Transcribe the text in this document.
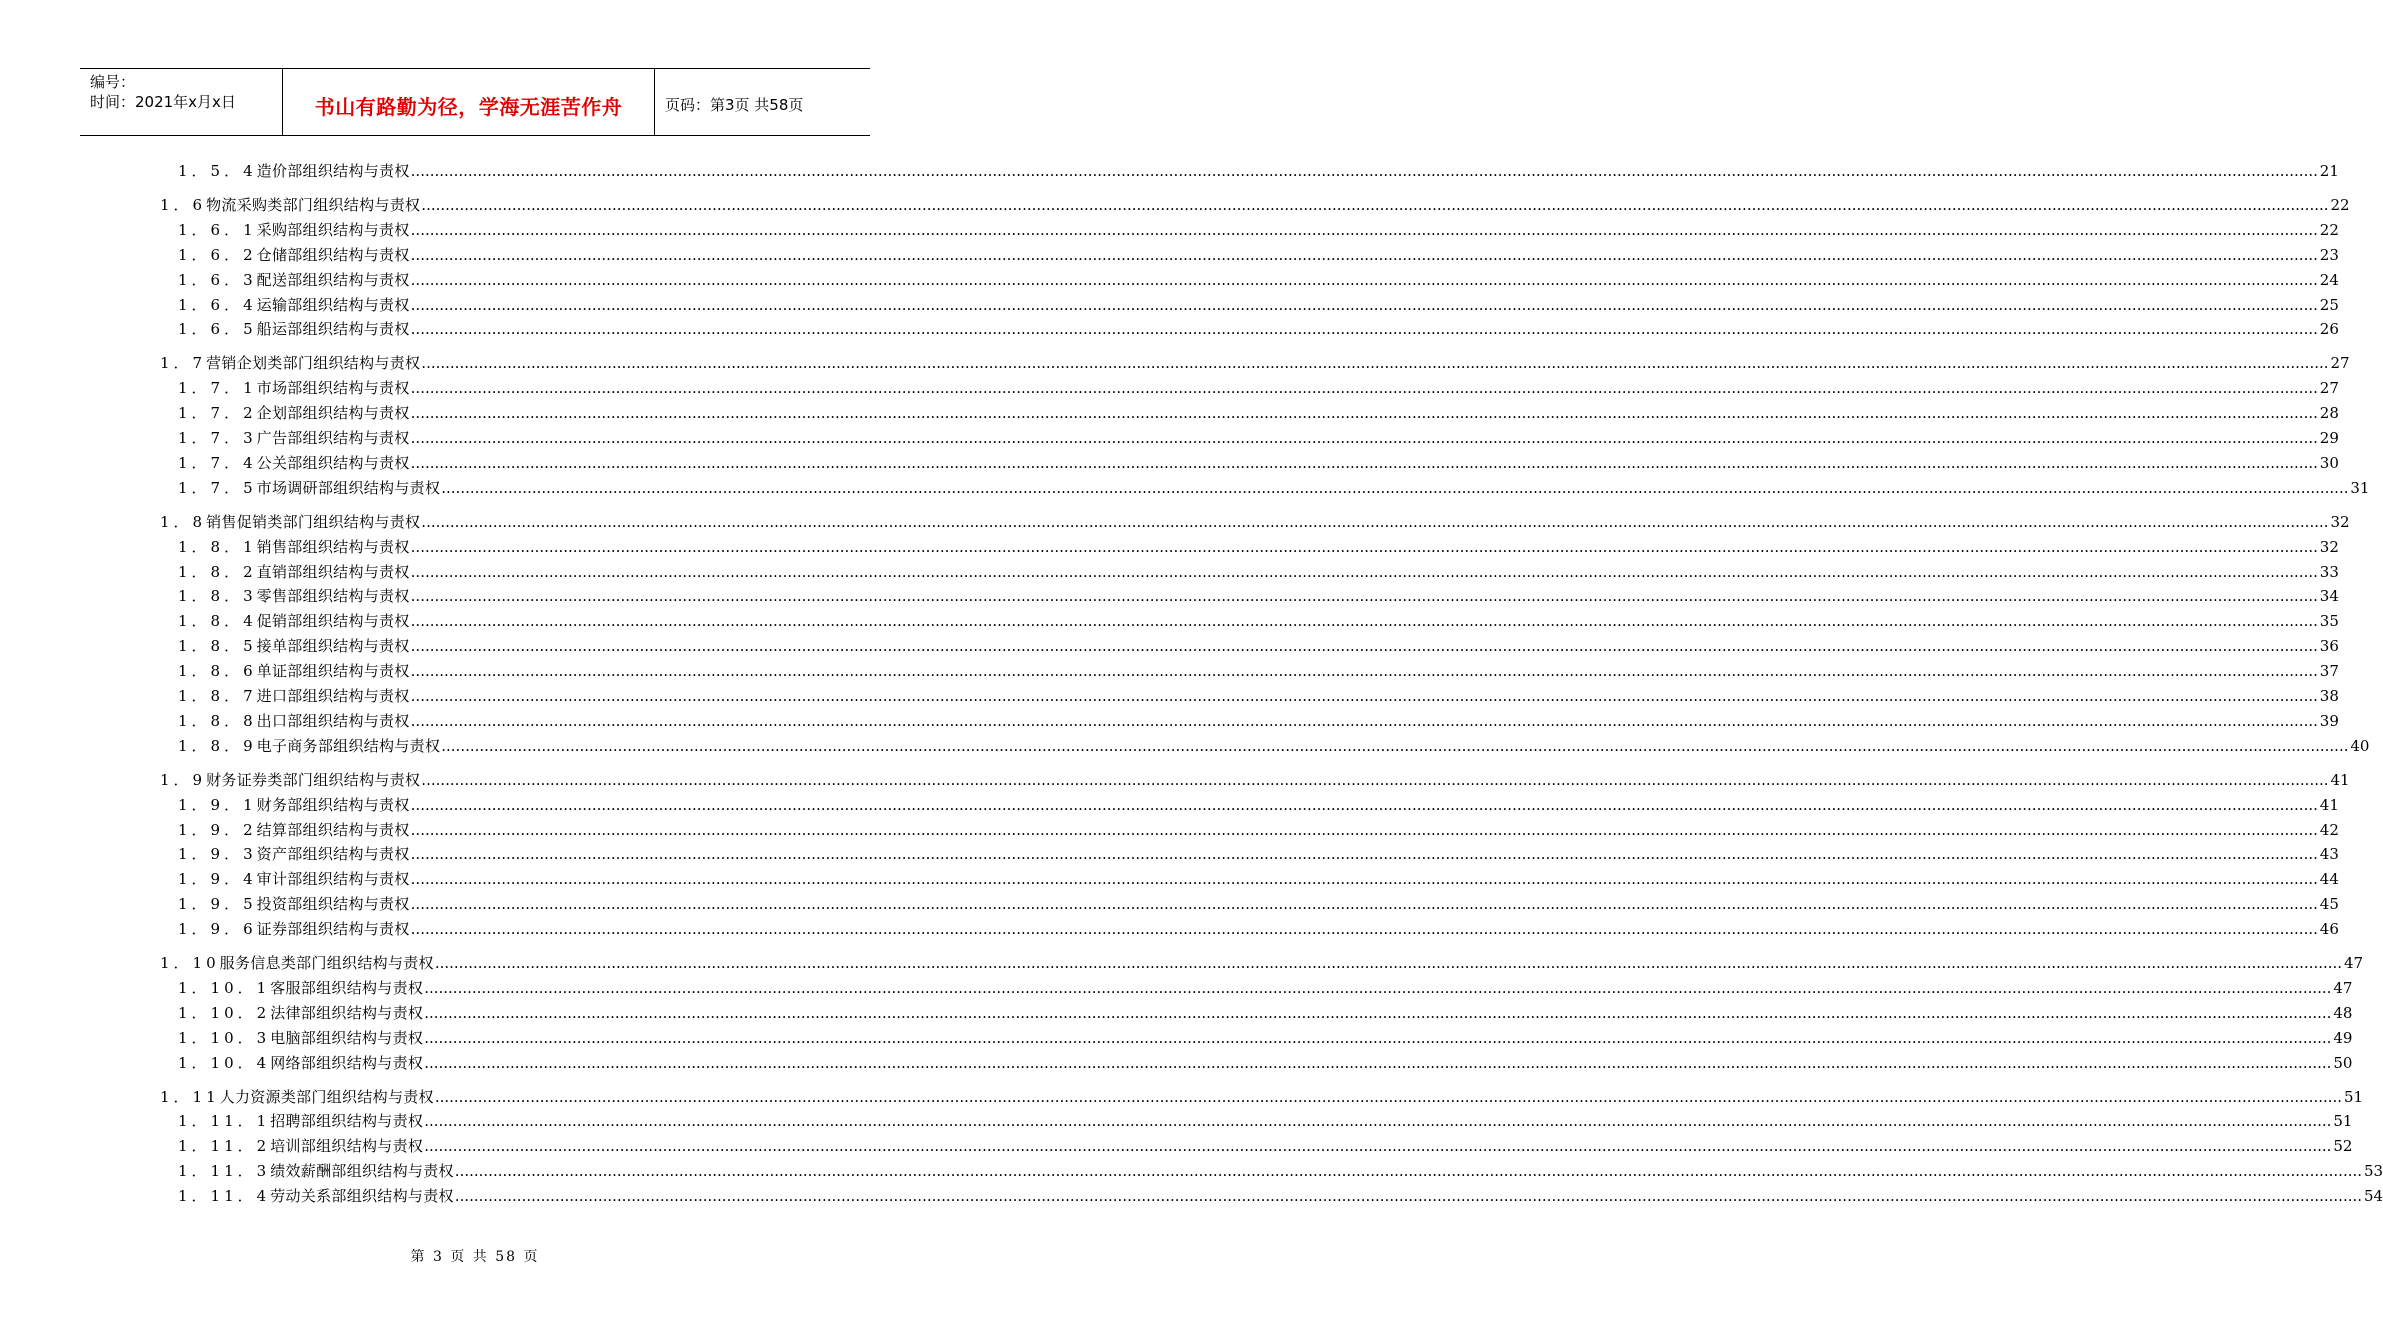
编号：
时间：2021年x月x日	书山有路勤为径，学海无涯苦作舟	页码：第3页 共58页
1．5．4 造价部组织结构与责权 ................................................................................................................................................................................................................................................................................................................................................................................................................ 21
1．6 物流采购类部门组织结构与责权 ................................................................................................................................................................................................................................................................................................................................................................................................................ 22
1．6．1 采购部组织结构与责权 ................................................................................................................................................................................................................................................................................................................................................................................................................ 22
1．6．2 仓储部组织结构与责权 ................................................................................................................................................................................................................................................................................................................................................................................................................ 23
1．6．3 配送部组织结构与责权 ................................................................................................................................................................................................................................................................................................................................................................................................................ 24
1．6．4 运输部组织结构与责权 ................................................................................................................................................................................................................................................................................................................................................................................................................ 25
1．6．5 船运部组织结构与责权 ................................................................................................................................................................................................................................................................................................................................................................................................................ 26
1．7 营销企划类部门组织结构与责权 ................................................................................................................................................................................................................................................................................................................................................................................................................ 27
1．7．1 市场部组织结构与责权 ................................................................................................................................................................................................................................................................................................................................................................................................................ 27
1．7．2 企划部组织结构与责权 ................................................................................................................................................................................................................................................................................................................................................................................................................ 28
1．7．3 广告部组织结构与责权 ................................................................................................................................................................................................................................................................................................................................................................................................................ 29
1．7．4 公关部组织结构与责权 ................................................................................................................................................................................................................................................................................................................................................................................................................ 30
1．7．5 市场调研部组织结构与责权 ................................................................................................................................................................................................................................................................................................................................................................................................................ 31
1．8 销售促销类部门组织结构与责权 ................................................................................................................................................................................................................................................................................................................................................................................................................ 32
1．8．1 销售部组织结构与责权 ................................................................................................................................................................................................................................................................................................................................................................................................................ 32
1．8．2 直销部组织结构与责权 ................................................................................................................................................................................................................................................................................................................................................................................................................ 33
1．8．3 零售部组织结构与责权 ................................................................................................................................................................................................................................................................................................................................................................................................................ 34
1．8．4 促销部组织结构与责权 ................................................................................................................................................................................................................................................................................................................................................................................................................ 35
1．8．5 接单部组织结构与责权 ................................................................................................................................................................................................................................................................................................................................................................................................................ 36
1．8．6 单证部组织结构与责权 ................................................................................................................................................................................................................................................................................................................................................................................................................ 37
1．8．7 进口部组织结构与责权 ................................................................................................................................................................................................................................................................................................................................................................................................................ 38
1．8．8 出口部组织结构与责权 ................................................................................................................................................................................................................................................................................................................................................................................................................ 39
1．8．9 电子商务部组织结构与责权 ................................................................................................................................................................................................................................................................................................................................................................................................................ 40
1．9 财务证券类部门组织结构与责权 ................................................................................................................................................................................................................................................................................................................................................................................................................ 41
1．9．1 财务部组织结构与责权 ................................................................................................................................................................................................................................................................................................................................................................................................................ 41
1．9．2 结算部组织结构与责权 ................................................................................................................................................................................................................................................................................................................................................................................................................ 42
1．9．3 资产部组织结构与责权 ................................................................................................................................................................................................................................................................................................................................................................................................................ 43
1．9．4 审计部组织结构与责权 ................................................................................................................................................................................................................................................................................................................................................................................................................ 44
1．9．5 投资部组织结构与责权 ................................................................................................................................................................................................................................................................................................................................................................................................................ 45
1．9．6 证券部组织结构与责权 ................................................................................................................................................................................................................................................................................................................................................................................................................ 46
1．10 服务信息类部门组织结构与责权 ................................................................................................................................................................................................................................................................................................................................................................................................................ 47
1．10．1 客服部组织结构与责权 ................................................................................................................................................................................................................................................................................................................................................................................................................ 47
1．10．2 法律部组织结构与责权 ................................................................................................................................................................................................................................................................................................................................................................................................................ 48
1．10．3 电脑部组织结构与责权 ................................................................................................................................................................................................................................................................................................................................................................................................................ 49
1．10．4 网络部组织结构与责权 ................................................................................................................................................................................................................................................................................................................................................................................................................ 50
1．11 人力资源类部门组织结构与责权 ................................................................................................................................................................................................................................................................................................................................................................................................................ 51
1．11．1 招聘部组织结构与责权 ................................................................................................................................................................................................................................................................................................................................................................................................................ 51
1．11．2 培训部组织结构与责权 ................................................................................................................................................................................................................................................................................................................................................................................................................ 52
1．11．3 绩效薪酬部组织结构与责权 ................................................................................................................................................................................................................................................................................................................................................................................................................ 53
1．11．4 劳动关系部组织结构与责权 ................................................................................................................................................................................................................................................................................................................................................................................................................ 54
第 3 页 共 58 页
